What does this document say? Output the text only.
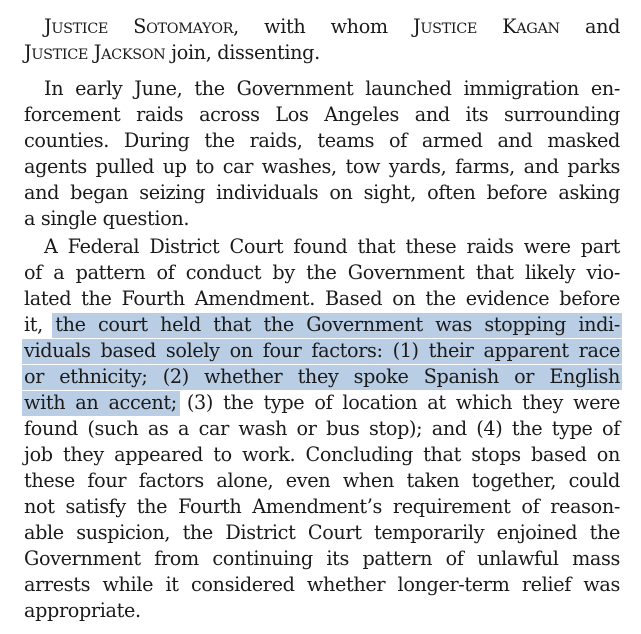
JUSTICE SOTOMAYOR, with whom JUSTICE KAGAN and
JUSTICE JACKSON join, dissenting.
In early June, the Government launched immigration en-
forcement raids across Los Angeles and its surrounding
counties. During the raids, teams of armed and masked
agents pulled up to car washes, tow yards, farms, and parks
and began seizing individuals on sight, often before asking
a single question.
A Federal District Court found that these raids were part
of a pattern of conduct by the Government that likely vio-
lated the Fourth Amendment. Based on the evidence before
it, the court held that the Government was stopping indi-
viduals based solely on four factors: (1) their apparent race
or ethnicity; (2) whether they spoke Spanish or English
with an accent; (3) the type of location at which they were
found (such as a car wash or bus stop); and (4) the type of
job they appeared to work. Concluding that stops based on
these four factors alone, even when taken together, could
not satisfy the Fourth Amendment’s requirement of reason-
able suspicion, the District Court temporarily enjoined the
Government from continuing its pattern of unlawful mass
arrests while it considered whether longer-term relief was
appropriate.
